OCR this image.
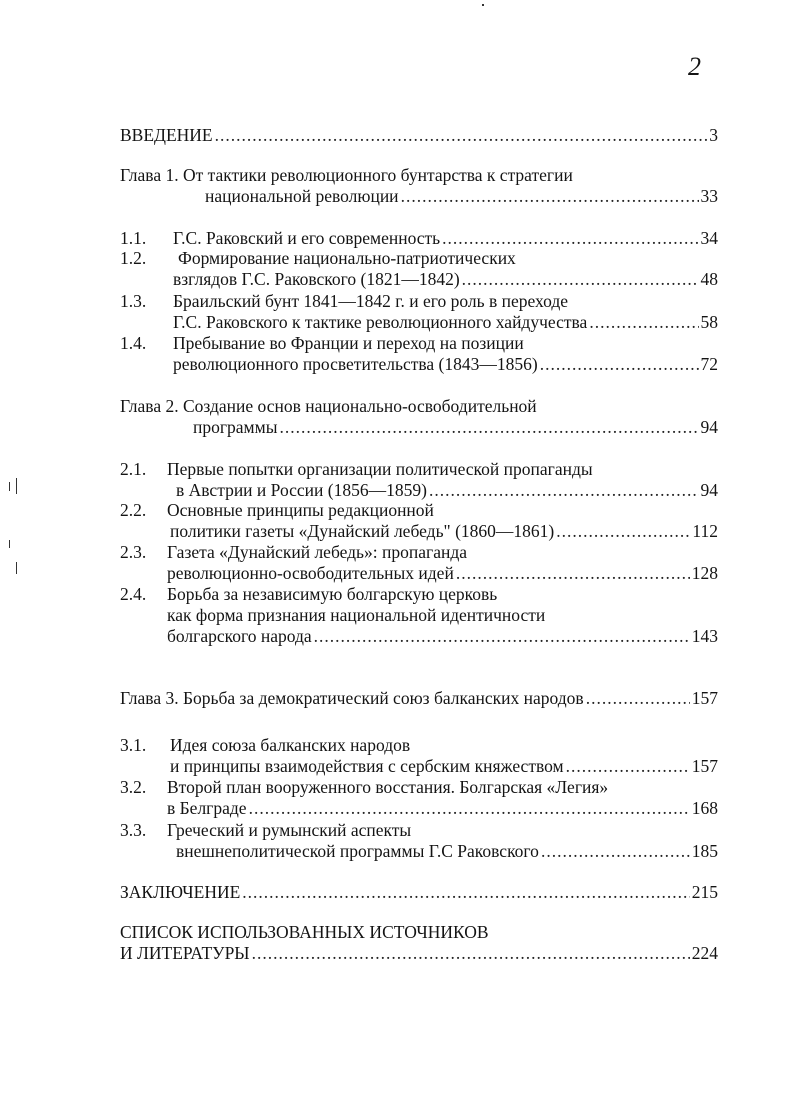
2
ВВЕДЕНИЕ .....	3
Глава 1. От тактики революционного бунтарства к стратегии
национальной революции .....	33
1.1. Г.С. Раковский и его современность .....	34
1.2. Формирование национально-патриотических
взглядов Г.С. Раковского (1821—1842) .....	48
1.3. Браильский бунт 1841—1842 г. и его роль в переходе
Г.С. Раковского к тактике революционного хайдучества .....	58
1.4. Пребывание во Франции и переход на позиции
революционного просветительства (1843—1856) .....	72
Глава 2. Создание основ национально-освободительной
программы .....	94
2.1. Первые попытки организации политической пропаганды
в Австрии и России (1856—1859) .....	94
2.2. Основные принципы редакционной
политики газеты «Дунайский лебедь" (1860—1861) .....	112
2.3. Газета «Дунайский лебедь»: пропаганда
революционно-освободительных идей .....	128
2.4. Борьба за независимую болгарскую церковь
как форма признания национальной идентичности
болгарского народа .....	143
Глава 3. Борьба за демократический союз балканских народов .....	157
3.1. Идея союза балканских народов
и принципы взаимодействия с сербским княжеством .....	157
3.2. Второй план вооруженного восстания. Болгарская «Легия»
в Белграде .....	168
3.3. Греческий и румынский аспекты
внешнеполитической программы Г.С Раковского .....	185
ЗАКЛЮЧЕНИЕ .....	215
СПИСОК ИСПОЛЬЗОВАННЫХ ИСТОЧНИКОВ
И ЛИТЕРАТУРЫ .....	224
